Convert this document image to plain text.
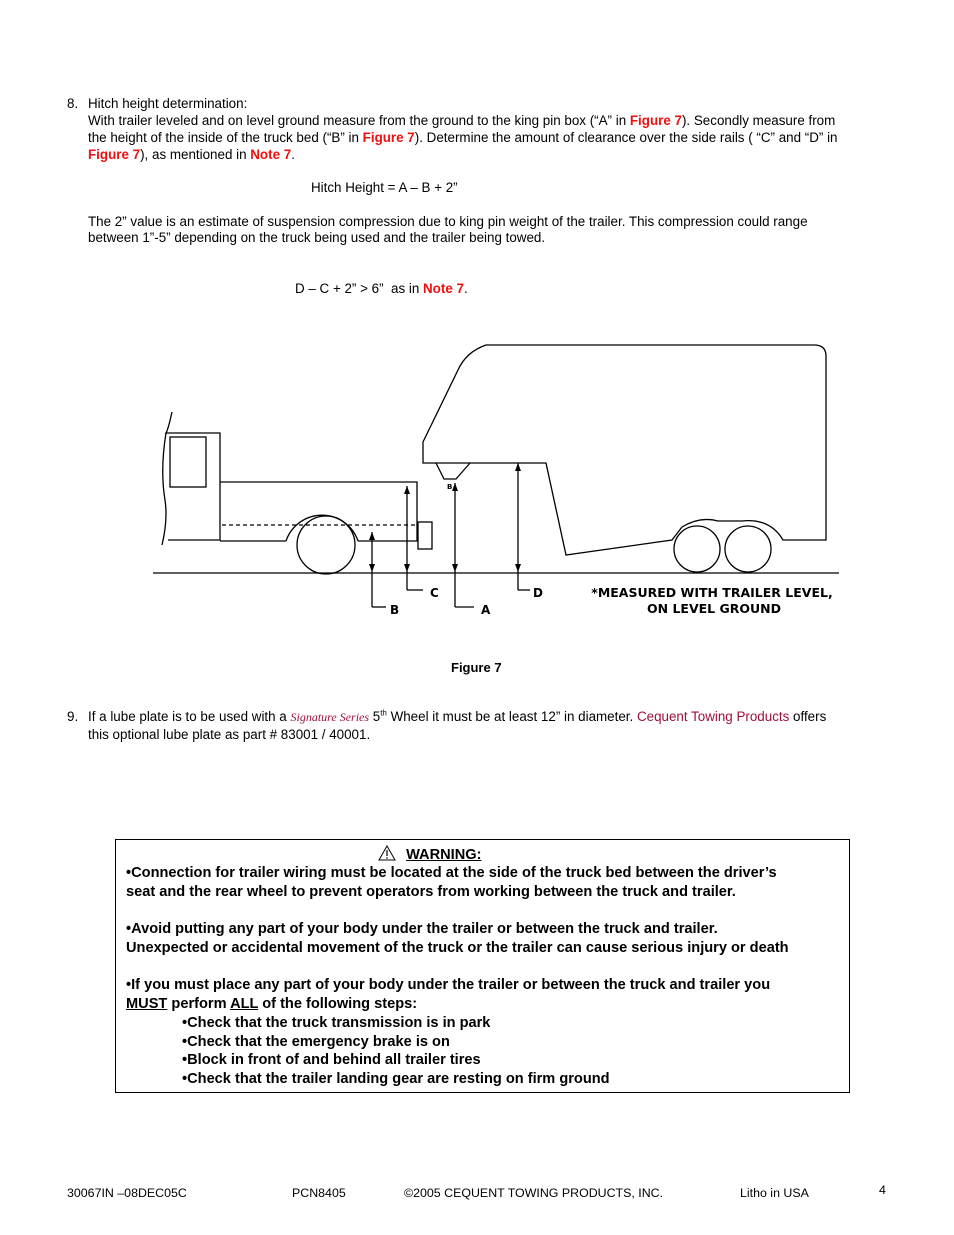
8. Hitch height determination:
With trailer leveled and on level ground measure from the ground to the king pin box (“A” in Figure 7). Secondly measure from
the height of the inside of the truck bed (“B” in Figure 7). Determine the amount of clearance over the side rails ( “C” and “D” in
Figure 7), as mentioned in Note 7.
Hitch Height = A – B + 2”
The 2” value is an estimate of suspension compression due to king pin weight of the trailer. This compression could range
between 1”-5” depending on the truck being used and the trailer being towed.
D – C + 2” > 6”  as in Note 7.
B
B
C
A
D	*MEASURED WITH TRAILER LEVEL,
ON LEVEL GROUND
Figure 7
9. If a lube plate is to be used with a Signature Series 5th Wheel it must be at least 12” in diameter. Cequent Towing Products offers
this optional lube plate as part # 83001 / 40001.
WARNING:
•Connection for trailer wiring must be located at the side of the truck bed between the driver’s
seat and the rear wheel to prevent operators from working between the truck and trailer.
•Avoid putting any part of your body under the trailer or between the truck and trailer.
Unexpected or accidental movement of the truck or the trailer can cause serious injury or death
•If you must place any part of your body under the trailer or between the truck and trailer you
MUST perform ALL of the following steps:
•Check that the truck transmission is in park
•Check that the emergency brake is on
•Block in front of and behind all trailer tires
•Check that the trailer landing gear are resting on firm ground
30067IN –08DEC05C	PCN8405	©2005 CEQUENT TOWING PRODUCTS, INC.	Litho in USA	4
